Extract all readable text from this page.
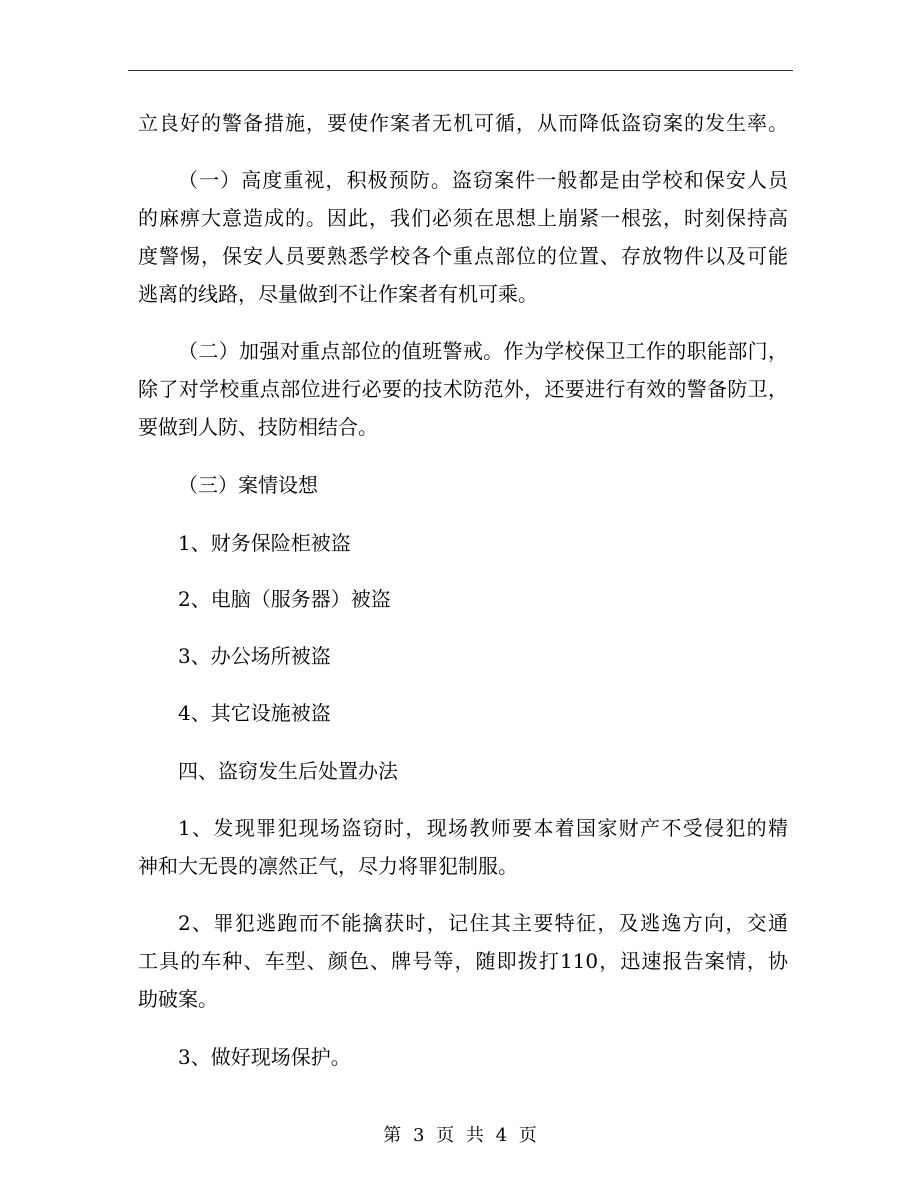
立良好的警备措施，要使作案者无机可循，从而降低盗窃案的发生率。
（一）高度重视，积极预防。盗窃案件一般都是由学校和保安人员
的麻痹大意造成的。因此，我们必须在思想上崩紧一根弦，时刻保持高
度警惕，保安人员要熟悉学校各个重点部位的位置、存放物件以及可能
逃离的线路，尽量做到不让作案者有机可乘。
（二）加强对重点部位的值班警戒。作为学校保卫工作的职能部门，
除了对学校重点部位进行必要的技术防范外，还要进行有效的警备防卫，
要做到人防、技防相结合。
（三）案情设想
1、财务保险柜被盗
2、电脑（服务器）被盗
3、办公场所被盗
4、其它设施被盗
四、盗窃发生后处置办法
1、发现罪犯现场盗窃时，现场教师要本着国家财产不受侵犯的精
神和大无畏的凛然正气，尽力将罪犯制服。
2、罪犯逃跑而不能擒获时，记住其主要特征，及逃逸方向，交通
工具的车种、车型、颜色、牌号等，随即拨打110，迅速报告案情，协
助破案。
3、做好现场保护。
第 3 页 共 4 页
